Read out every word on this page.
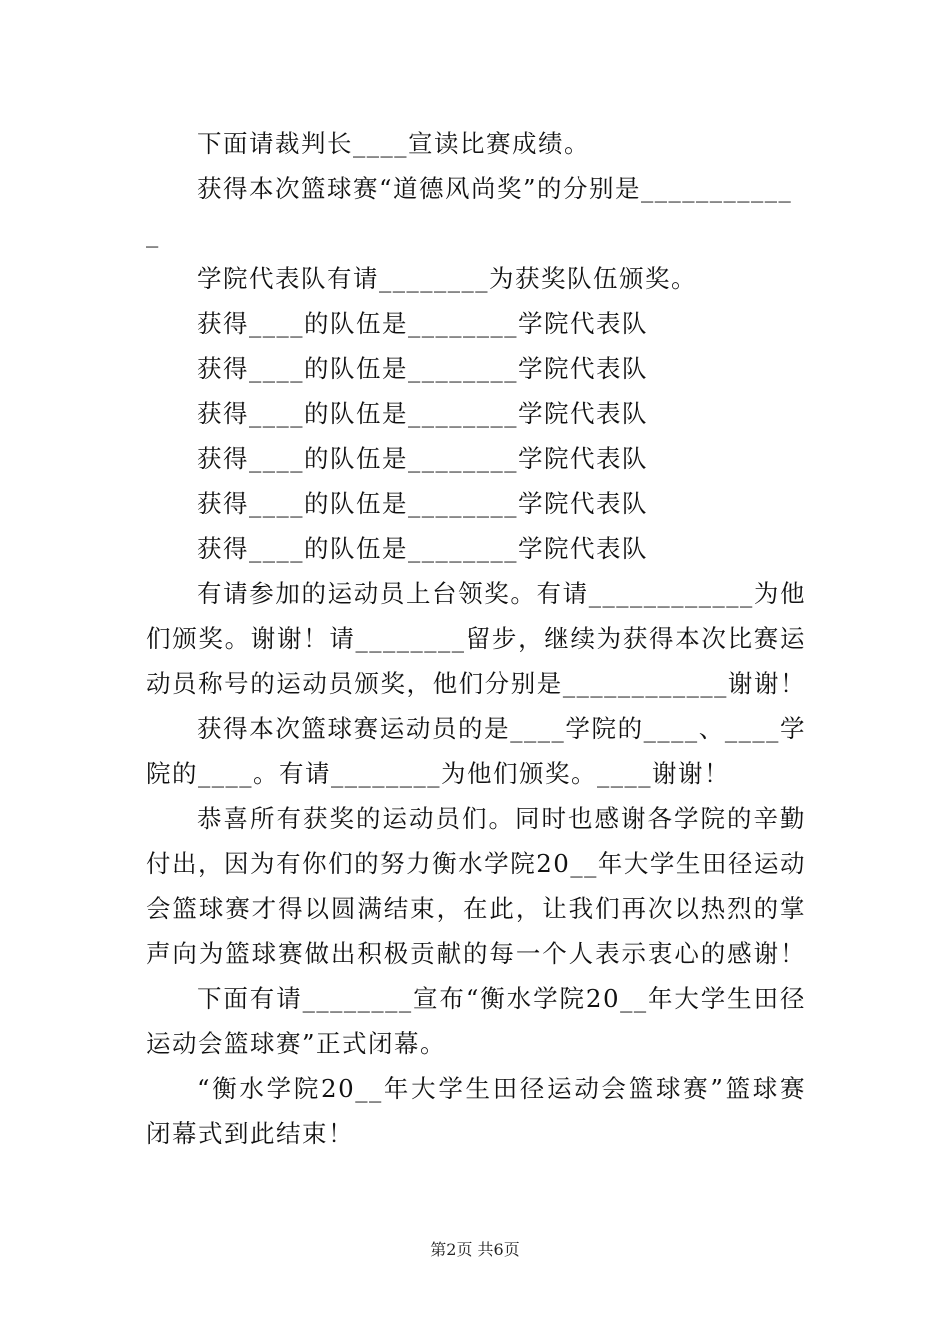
下面请裁判长____宣读比赛成绩。
获得本次篮球赛“道德风尚奖”的分别是___________
_
学院代表队有请________为获奖队伍颁奖。
获得____的队伍是________学院代表队
获得____的队伍是________学院代表队
获得____的队伍是________学院代表队
获得____的队伍是________学院代表队
获得____的队伍是________学院代表队
获得____的队伍是________学院代表队
有请参加的运动员上台领奖。有请____________为他
们颁奖。谢谢！请________留步，继续为获得本次比赛运
动员称号的运动员颁奖，他们分别是____________谢谢！
获得本次篮球赛运动员的是____学院的____、____学
院的____。有请________为他们颁奖。____谢谢！
恭喜所有获奖的运动员们。同时也感谢各学院的辛勤
付出，因为有你们的努力衡水学院20__年大学生田径运动
会篮球赛才得以圆满结束，在此，让我们再次以热烈的掌
声向为篮球赛做出积极贡献的每一个人表示衷心的感谢！
下面有请________宣布“衡水学院20__年大学生田径
运动会篮球赛”正式闭幕。
“衡水学院20__年大学生田径运动会篮球赛”篮球赛
闭幕式到此结束！
第2页 共6页
